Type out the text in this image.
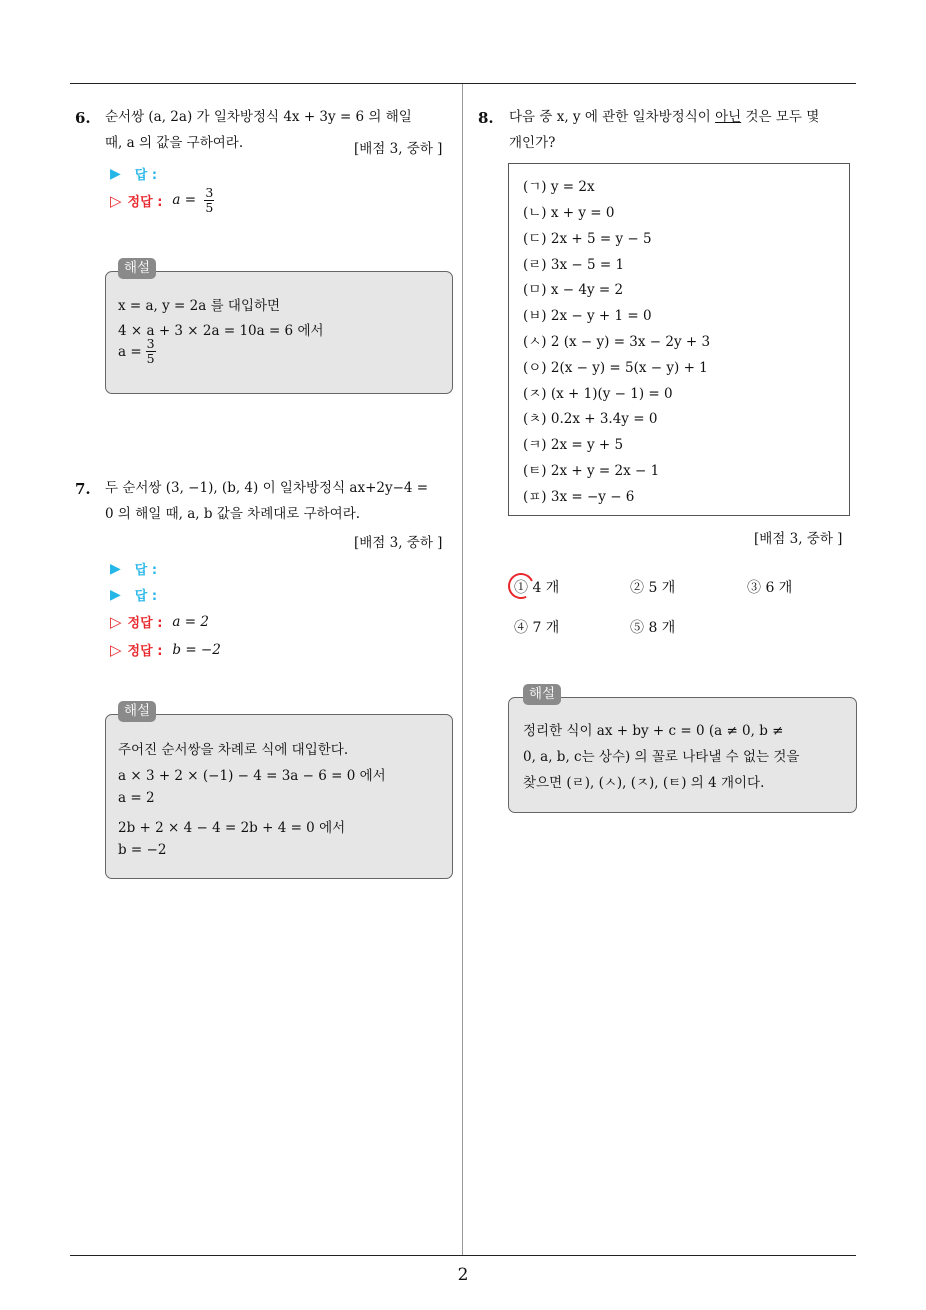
2
6. 순서쌍 (a, 2a) 가 일차방정식 4x + 3y = 6 의 해일
때, a 의 값을 구하여라.	[배점 3, 중하 ]
▶ 답 :
▷ 정답 : $a = \frac{3}{5}$
해설
x = a, y = 2a 를 대입하면
4 × a + 3 × 2a = 10a = 6 에서
$a = \frac{3}{5}$
7. 두 순서쌍 (3, −1), (b, 4) 이 일차방정식 ax+2y−4 =
0 의 해일 때, a, b 값을 차례대로 구하여라.
[배점 3, 중하 ]
▶ 답 :
▶ 답 :
▷ 정답 : a = 2
▷ 정답 : b = −2
해설
주어진 순서쌍을 차례로 식에 대입한다.
a × 3 + 2 × (−1) − 4 = 3a − 6 = 0 에서
a = 2
2b + 2 × 4 − 4 = 2b + 4 = 0 에서
b = −2
8. 다음 중 x, y 에 관한 일차방정식이 아닌 것은 모두 몇
개인가?
(ㄱ) y = 2x
(ㄴ) x + y = 0
(ㄷ) 2x + 5 = y − 5
(ㄹ) 3x − 5 = 1
(ㅁ) x − 4y = 2
(ㅂ) 2x − y + 1 = 0
(ㅅ) 2 (x − y) = 3x − 2y + 3
(ㅇ) 2(x − y) = 5(x − y) + 1
(ㅈ) (x + 1)(y − 1) = 0
(ㅊ) 0.2x + 3.4y = 0
(ㅋ) 2x = y + 5
(ㅌ) 2x + y = 2x − 1
(ㅍ) 3x = −y − 6
[배점 3, 중하 ]
① 4 개	② 5 개	③ 6 개
④ 7 개	⑤ 8 개
해설
정리한 식이 ax + by + c = 0 (a ≠ 0, b ≠
0, a, b, c는 상수) 의 꼴로 나타낼 수 없는 것을
찾으면 (ㄹ), (ㅅ), (ㅈ), (ㅌ) 의 4 개이다.
